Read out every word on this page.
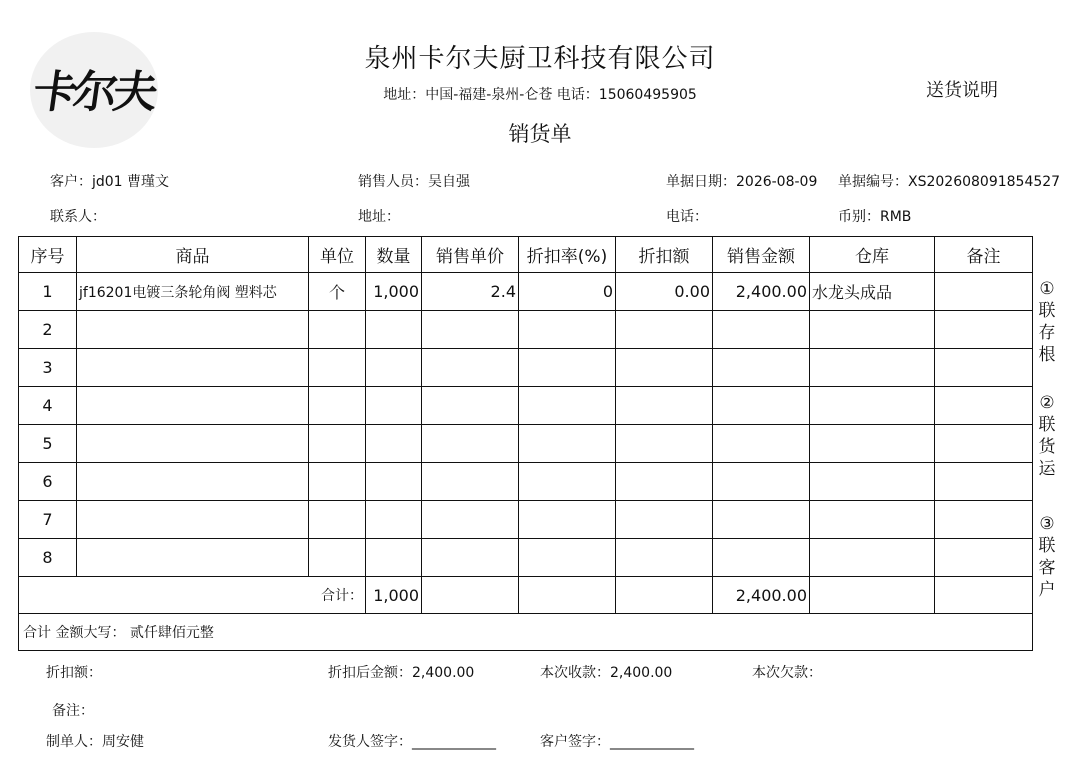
卡尔夫
泉州卡尔夫厨卫科技有限公司
地址：中国-福建-泉州-仑苍 电话：15060495905
销货单
送货说明
客户：jd01 曹瑾文	销售人员：吴自强	单据日期：2026-08-09 单据编号：XS202608091854527
联系人：	地址：	电话：	币别：RMB
序号	商品	单位	数量	销售单价	折扣率(%)	折扣额	销售金额	仓库	备注
1	jf16201电镀三条轮角阀 塑料芯	个	1,000	2.4	0	0.00	2,400.00	水龙头成品	
2									
3									
4									
5									
6									
7									
8									
合计：			1,000				2,400.00		
合计 金额大写： 贰仟肆佰元整									
①联存根
②联货运
③联客户
折扣额：	折扣后金额：2,400.00	本次收款：2,400.00	本次欠款：
备注：
制单人：周安健	发货人签字：____________	客户签字：____________
